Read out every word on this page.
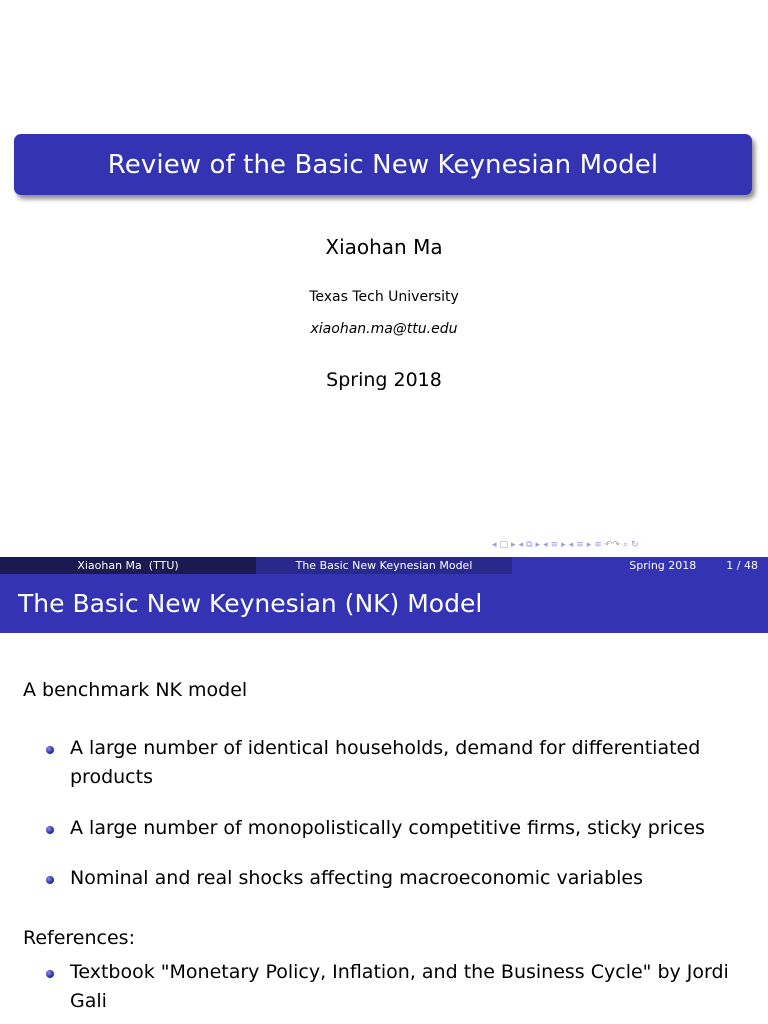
Review of the Basic New Keynesian Model
Xiaohan Ma
Texas Tech University
xiaohan.ma@ttu.edu
Spring 2018
◂ □ ▸ ◂ ⧉ ▸ ◂ ≡ ▸ ◂ ≡ ▸ ≡ ↶↷ ⌕ ↻
Xiaohan Ma  (TTU)	The Basic New Keynesian Model	Spring 2018	1 / 48
The Basic New Keynesian (NK) Model
A benchmark NK model
A large number of identical households, demand for differentiated products
A large number of monopolistically competitive firms, sticky prices
Nominal and real shocks affecting macroeconomic variables
References:
Textbook "Monetary Policy, Inflation, and the Business Cycle" by Jordi Gali
